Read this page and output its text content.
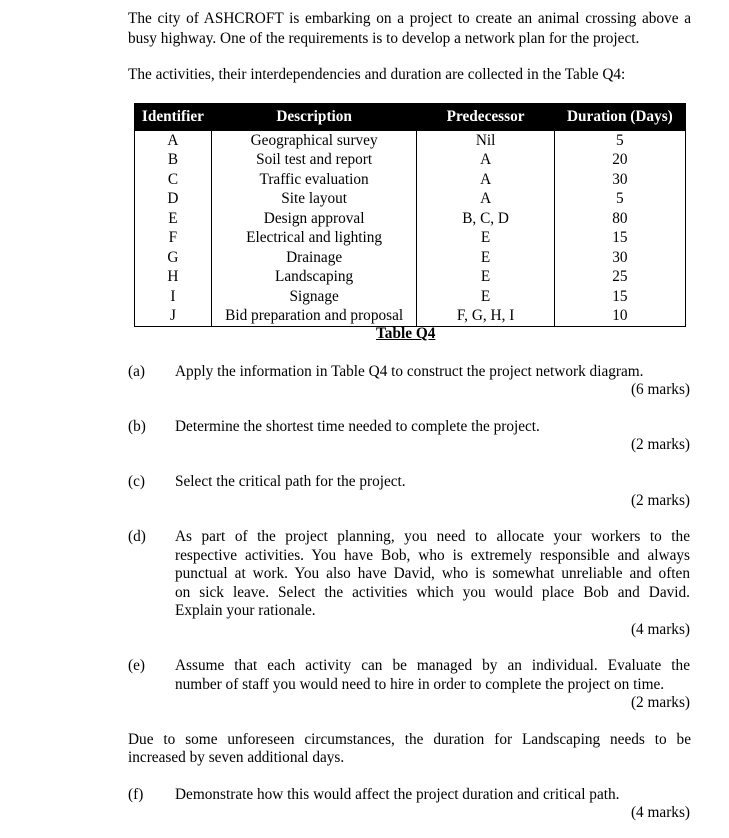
The city of ASHCROFT is embarking on a project to create an animal crossing above a

busy highway. One of the requirements is to develop a network plan for the project.

The activities, their interdependencies and duration are collected in the Table Q4:

Identifier	Description	Predecessor	Duration (Days)
A	Geographical survey	Nil	5
B	Soil test and report	A	20
C	Traffic evaluation	A	30
D	Site layout	A	5
E	Design approval	B, C, D	80
F	Electrical and lighting	E	15
G	Drainage	E	30
H	Landscaping	E	25
I	Signage	E	15
J	Bid preparation and proposal	F, G, H, I	10
Table Q4
(a) Apply the information in Table Q4 to construct the project network diagram.
(6 marks)
(b) Determine the shortest time needed to complete the project.
(2 marks)
(c) Select the critical path for the project.
(2 marks)
(d) As part of the project planning, you need to allocate your workers to the
respective activities. You have Bob, who is extremely responsible and always
punctual at work. You also have David, who is somewhat unreliable and often
on sick leave. Select the activities which you would place Bob and David.
Explain your rationale.
(4 marks)
(e) Assume that each activity can be managed by an individual. Evaluate the
number of staff you would need to hire in order to complete the project on time.
(2 marks)

Due to some unforeseen circumstances, the duration for Landscaping needs to be

increased by seven additional days.

(f) Demonstrate how this would affect the project duration and critical path.
(4 marks)
